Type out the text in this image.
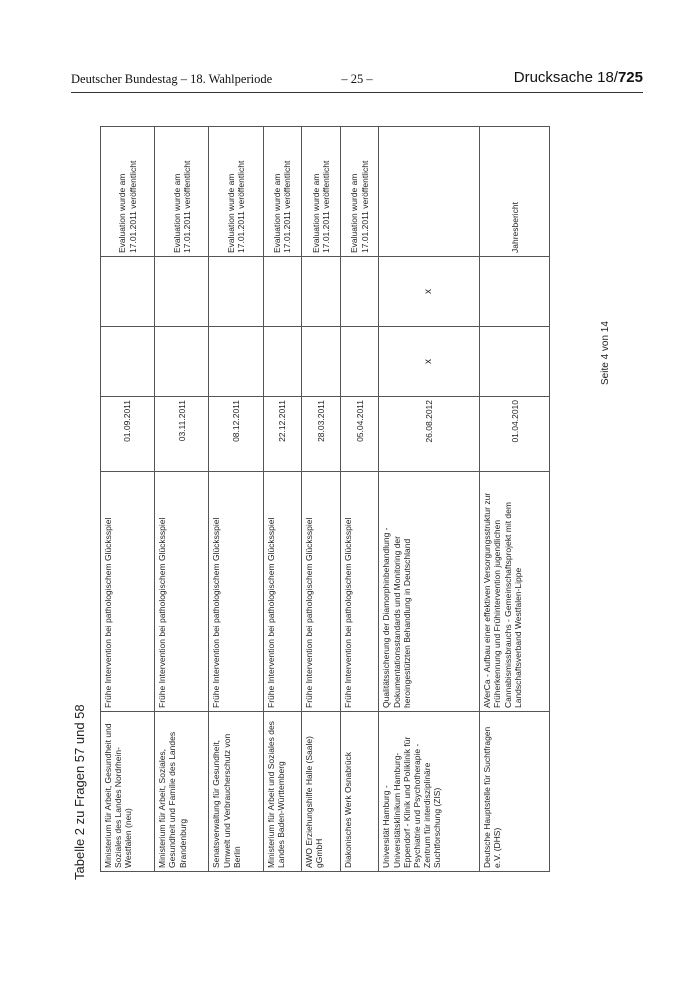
Deutscher Bundestag – 18. Wahlperiode	– 25 –	Drucksache 18/725
Tabelle 2 zu Fragen 57 und 58 Ministerium für Arbeit, Gesundheit und Soziales des Landes Nordrhein-Westfalen (neu)	Frühe Intervention bei pathologischem Glücksspiel	01.09.2011			Evaluation wurde am 17.01.2011 veröffentlicht
Ministerium für Arbeit, Soziales, Gesundheit und Familie des Landes Brandenburg	Frühe Intervention bei pathologischem Glücksspiel	03.11.2011			Evaluation wurde am 17.01.2011 veröffentlicht
Senatsverwaltung für Gesundheit, Umwelt und Verbraucherschutz von Berlin	Frühe Intervention bei pathologischem Glücksspiel	08.12.2011			Evaluation wurde am 17.01.2011 veröffentlicht
Ministerium für Arbeit und Soziales des Landes Baden-Württemberg	Frühe Intervention bei pathologischem Glücksspiel	22.12.2011			Evaluation wurde am 17.01.2011 veröffentlicht
AWO Erziehungshilfe Halle (Saale) gGmbH	Frühe Intervention bei pathologischem Glücksspiel	28.03.2011			Evaluation wurde am 17.01.2011 veröffentlicht
Diakonisches Werk Osnabrück	Frühe Intervention bei pathologischem Glücksspiel	05.04.2011			Evaluation wurde am 17.01.2011 veröffentlicht
Universität Hamburg - Universitätsklinikum Hamburg-Eppendorf - Klinik und Poliklinik für Psychiatrie und Psychotherapie - Zentrum für interdisziplinäre Suchtforschung (ZIS)	Qualitätssicherung der Diamorphinbehandlung - Dokumentationsstandards und Monitoring der heroingestützten Behandlung in Deutschland	26.08.2012	x	x	
Deutsche Hauptstelle für Suchtfragen e.V. (DHS)	AVerCa - Aufbau einer effektiven Versorgungsstruktur zur Früherkennung und Frühintervention jugendlichen Cannabismissbrauchs - Gemeinschaftsprojekt mit dem Landschaftsverband Westfalen-Lippe	01.04.2010			Jahresbericht
Seite 4 von 14
